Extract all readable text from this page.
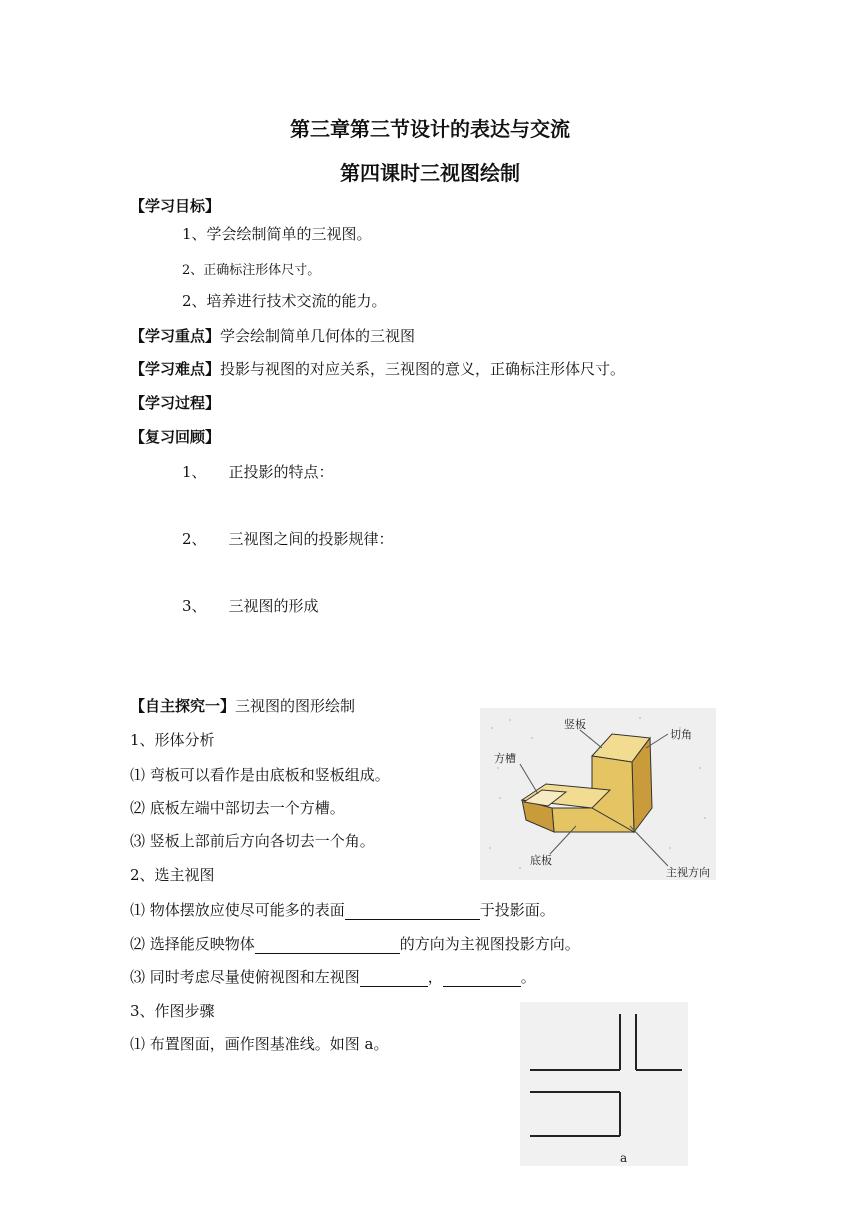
第三章第三节设计的表达与交流
第四课时三视图绘制
【学习目标】
1、学会绘制简单的三视图。
2、正确标注形体尺寸。
2、培养进行技术交流的能力。
【学习重点】学会绘制简单几何体的三视图
【学习难点】投影与视图的对应关系，三视图的意义，正确标注形体尺寸。
【学习过程】
【复习回顾】
1、 正投影的特点：
2、 三视图之间的投影规律：
3、 三视图的形成
【自主探究一】三视图的图形绘制
1、形体分析
⑴ 弯板可以看作是由底板和竖板组成。
⑵ 底板左端中部切去一个方槽。
⑶ 竖板上部前后方向各切去一个角。
2、选主视图
⑴ 物体摆放应使尽可能多的表面	于投影面。
⑵ 选择能反映物体	的方向为主视图投影方向。
⑶ 同时考虑尽量使俯视图和左视图	，	。
3、作图步骤
⑴ 布置图面，画作图基准线。如图 a。
竖板
方槽
切角
底板
主视方向
a
